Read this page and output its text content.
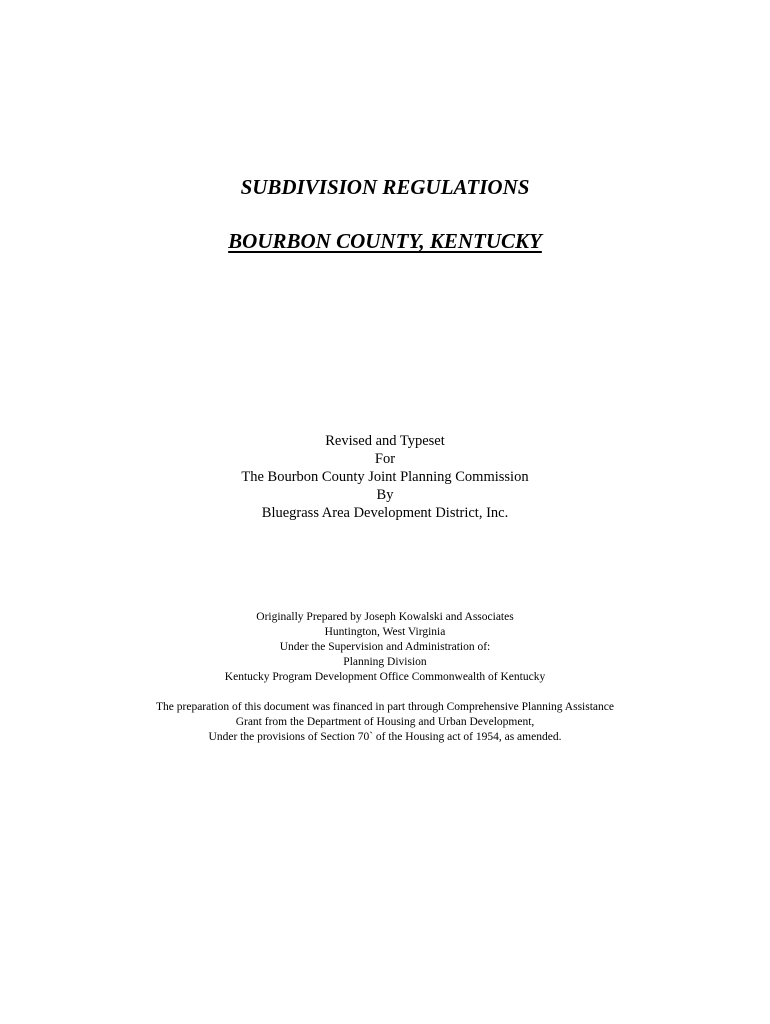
SUBDIVISION REGULATIONS
BOURBON COUNTY, KENTUCKY
Revised and Typeset
For
The Bourbon County Joint Planning Commission
By
Bluegrass Area Development District, Inc.
Originally Prepared by Joseph Kowalski and Associates
Huntington, West Virginia
Under the Supervision and Administration of:
Planning Division
Kentucky Program Development Office Commonwealth of Kentucky
The preparation of this document was financed in part through Comprehensive Planning Assistance
Grant from the Department of Housing and Urban Development,
Under the provisions of Section 70` of the Housing act of 1954, as amended.
